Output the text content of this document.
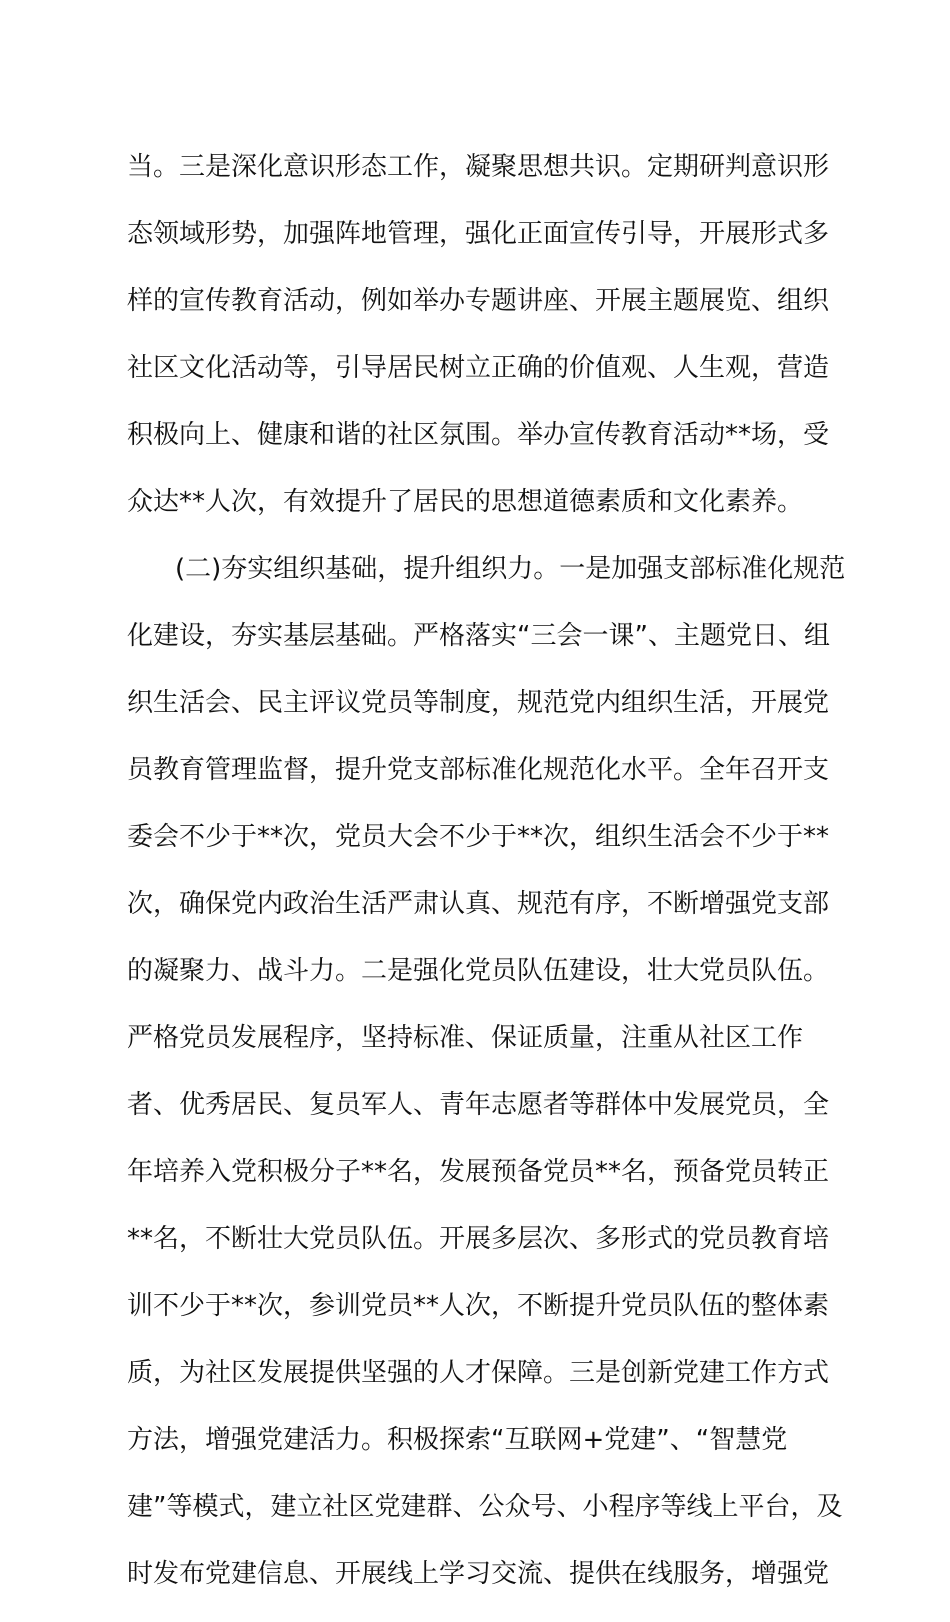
当。三是深化意识形态工作，凝聚思想共识。定期研判意识形
态领域形势，加强阵地管理，强化正面宣传引导，开展形式多
样的宣传教育活动，例如举办专题讲座、开展主题展览、组织
社区文化活动等，引导居民树立正确的价值观、人生观，营造
积极向上、健康和谐的社区氛围。举办宣传教育活动**场，受
众达**人次，有效提升了居民的思想道德素质和文化素养。
(二)夯实组织基础，提升组织力。一是加强支部标准化规范
化建设，夯实基层基础。严格落实“三会一课”、主题党日、组
织生活会、民主评议党员等制度，规范党内组织生活，开展党
员教育管理监督，提升党支部标准化规范化水平。全年召开支
委会不少于**次，党员大会不少于**次，组织生活会不少于**
次，确保党内政治生活严肃认真、规范有序，不断增强党支部
的凝聚力、战斗力。二是强化党员队伍建设，壮大党员队伍。
严格党员发展程序，坚持标准、保证质量，注重从社区工作
者、优秀居民、复员军人、青年志愿者等群体中发展党员，全
年培养入党积极分子**名，发展预备党员**名，预备党员转正
**名，不断壮大党员队伍。开展多层次、多形式的党员教育培
训不少于**次，参训党员**人次，不断提升党员队伍的整体素
质，为社区发展提供坚强的人才保障。三是创新党建工作方式
方法，增强党建活力。积极探索“互联网+党建”、“智慧党
建”等模式，建立社区党建群、公众号、小程序等线上平台，及
时发布党建信息、开展线上学习交流、提供在线服务，增强党
